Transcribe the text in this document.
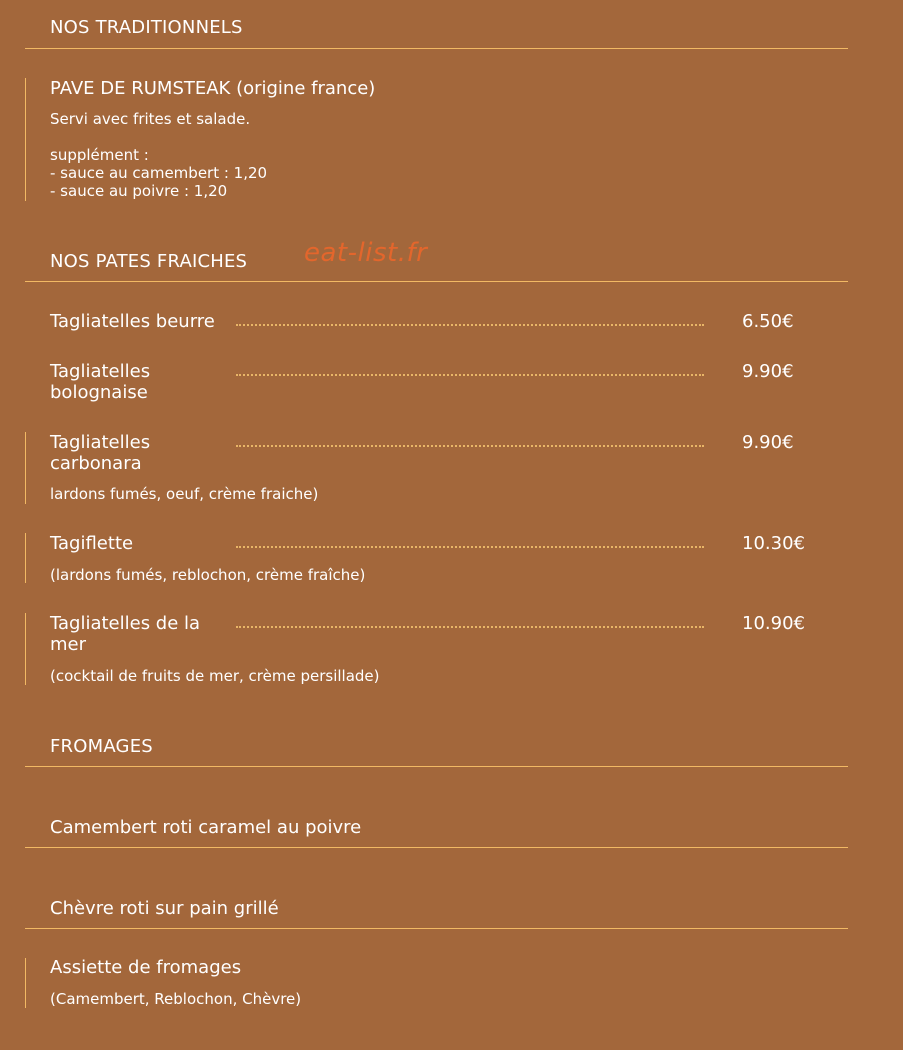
NOS TRADITIONNELS
PAVE DE RUMSTEAK (origine france)
Servi avec frites et salade.
supplément :
- sauce au camembert : 1,20
- sauce au poivre : 1,20
NOS PATES FRAICHES eat-list.fr
Tagliatelles beurre	6.50€
Tagliatelles
bolognaise
9.90€
Tagliatelles
carbonara
9.90€
lardons fumés, oeuf, crème fraiche)
Tagiflette	10.30€
(lardons fumés, reblochon, crème fraîche)
Tagliatelles de la
mer
10.90€
(cocktail de fruits de mer, crème persillade)
FROMAGES
Camembert roti caramel au poivre
Chèvre roti sur pain grillé
Assiette de fromages
(Camembert, Reblochon, Chèvre)
